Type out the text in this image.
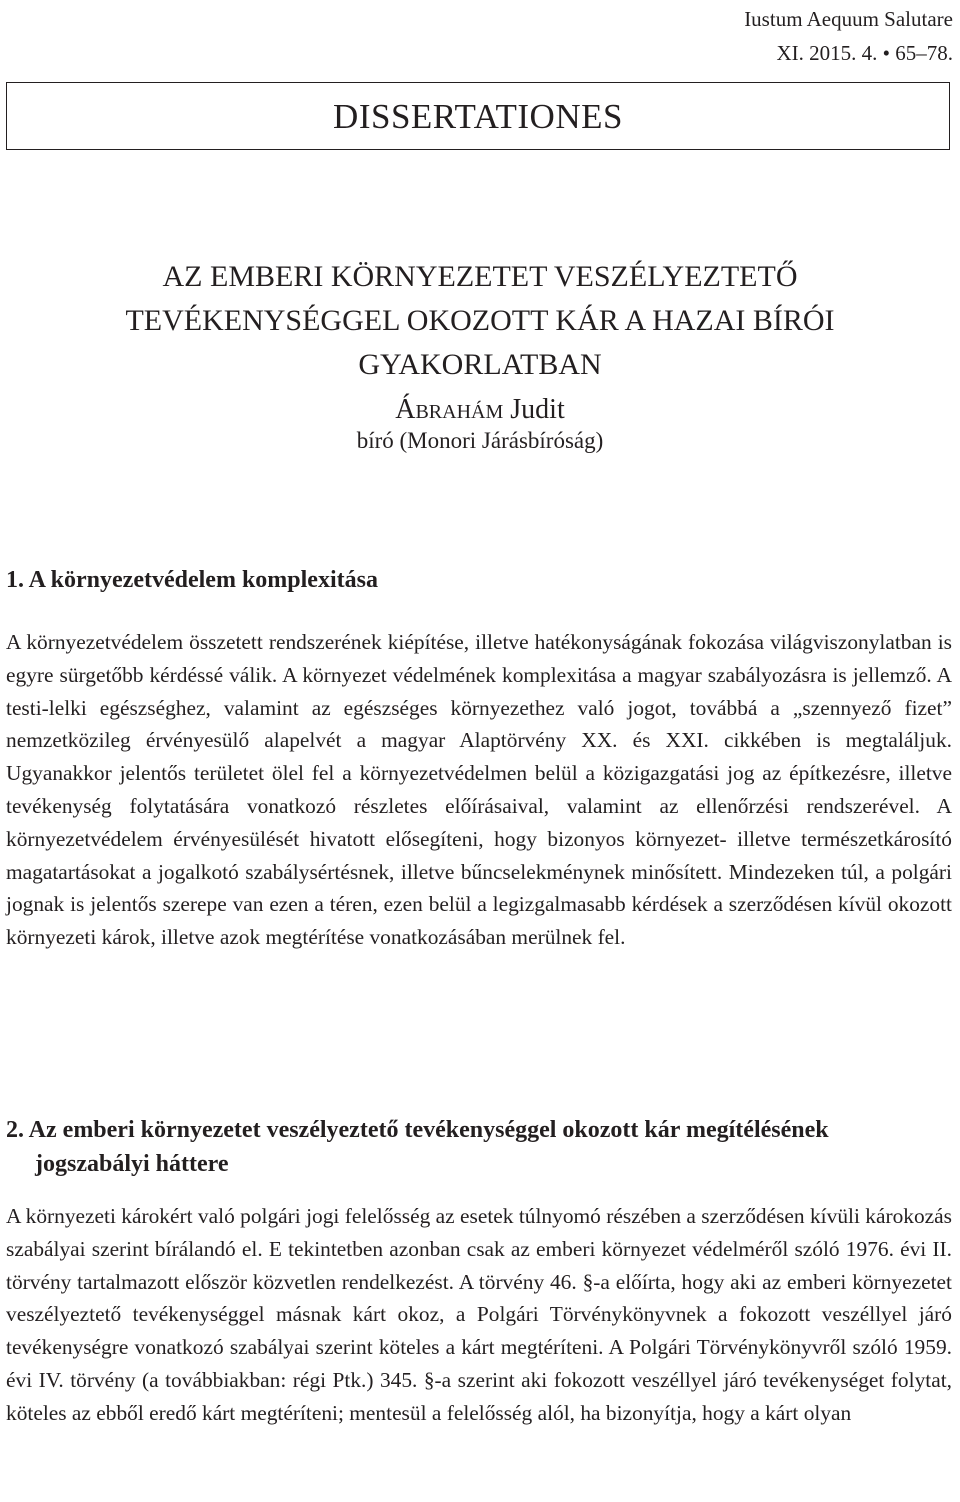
Iustum Aequum Salutare
XI. 2015. 4. • 65–78.
DISSERTATIONES
AZ EMBERI KÖRNYEZETET VESZÉLYEZTETŐ
TEVÉKENYSÉGGEL OKOZOTT KÁR A HAZAI BÍRÓI
GYAKORLATBAN
Ábrahám Judit
bíró (Monori Járásbíróság)
1. A környezetvédelem komplexitása
A környezetvédelem összetett rendszerének kiépítése, illetve hatékonyságának fokozása világviszonylatban is egyre sürgetőbb kérdéssé válik. A környezet védelmének komplexitása a magyar szabályozásra is jellemző. A testi-lelki egészséghez, valamint az egészséges környezethez való jogot, továbbá a „szennyező fizet” nemzetközileg érvényesülő alapelvét a magyar Alaptörvény XX. és XXI. cikkében is megtaláljuk. Ugyanakkor jelentős területet ölel fel a környezetvédelmen belül a közigazgatási jog az építkezésre, illetve tevékenység folytatására vonatkozó részletes előírásaival, valamint az ellenőrzési rendszerével. A környezetvédelem érvényesülését hivatott elősegíteni, hogy bizonyos környezet- illetve természetkárosító magatartásokat a jogalkotó szabálysértésnek, illetve bűncselekménynek minősített. Mindezeken túl, a polgári jognak is jelentős szerepe van ezen a téren, ezen belül a legizgalmasabb kérdések a szerződésen kívül okozott környezeti károk, illetve azok megtérítése vonatkozásában merülnek fel.
2. Az emberi környezetet veszélyeztető tevékenységgel okozott kár megítélésének jogszabályi háttere
A környezeti károkért való polgári jogi felelősség az esetek túlnyomó részében a szerződésen kívüli károkozás szabályai szerint bírálandó el. E tekintetben azonban csak az emberi környezet védelméről szóló 1976. évi II. törvény tartalmazott először közvetlen rendelkezést. A törvény 46. §-a előírta, hogy aki az emberi környezetet veszélyeztető tevékenységgel másnak kárt okoz, a Polgári Törvénykönyvnek a fokozott veszéllyel járó tevékenységre vonatkozó szabályai szerint köteles a kárt megtéríteni. A Polgári Törvénykönyvről szóló 1959. évi IV. törvény (a továbbiakban: régi Ptk.) 345. §-a szerint aki fokozott veszéllyel járó tevékenységet folytat, köteles az ebből eredő kárt megtéríteni; mentesül a felelősség alól, ha bizonyítja, hogy a kárt olyan
